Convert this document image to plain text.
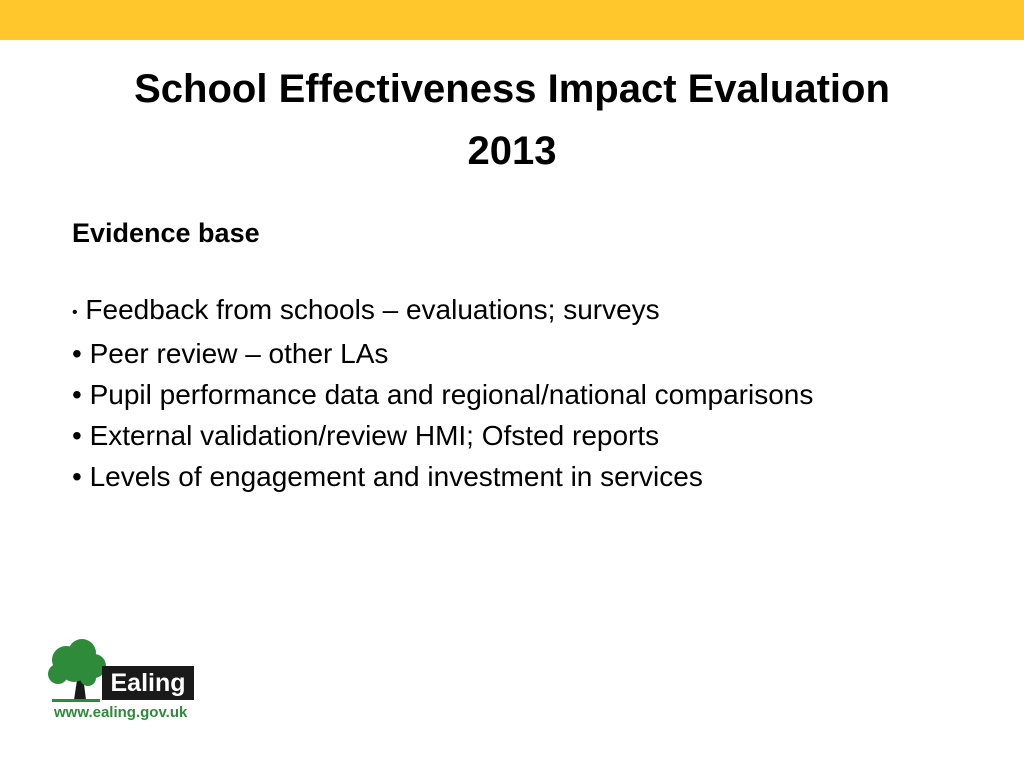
School Effectiveness Impact Evaluation
2013
Evidence base
• Feedback from schools – evaluations; surveys
• Peer review – other LAs
• Pupil performance data and regional/national comparisons
• External validation/review HMI; Ofsted reports
• Levels of engagement and investment in services
Ealing
www.ealing.gov.uk
